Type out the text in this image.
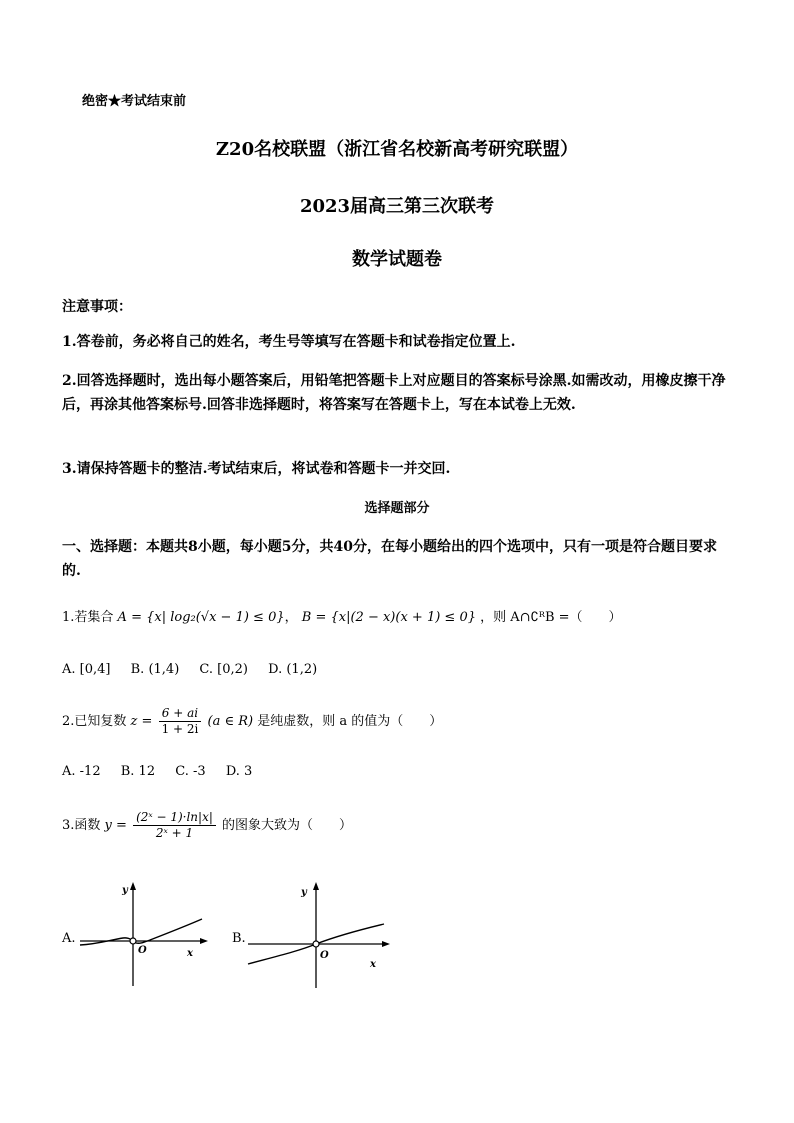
绝密★考试结束前
Z20名校联盟（浙江省名校新高考研究联盟）
2023届高三第三次联考
数学试题卷
注意事项：
1.答卷前，务必将自己的姓名，考生号等填写在答题卡和试卷指定位置上.
2.回答选择题时，选出每小题答案后，用铅笔把答题卡上对应题目的答案标号涂黑.如需改动，用橡皮擦干净后，再涂其他答案标号.回答非选择题时，将答案写在答题卡上，写在本试卷上无效.
3.请保持答题卡的整洁.考试结束后，将试卷和答题卡一并交回.
选择题部分
一、选择题：本题共8小题，每小题5分，共40分，在每小题给出的四个选项中，只有一项是符合题目要求的.
1.若集合 A = {x| log₂(√x − 1) ≤ 0}， B = {x|(2 − x)(x + 1) ≤ 0} ，则 A∩∁ᴿB =（　　）
A. [0,4] B. (1,4) C. [0,2) D. (1,2)
2.已知复数 $z = \frac{6 + ai}{1 + 2i} (a$ ∈ R) 是纯虚数，则 a 的值为（　　）
A. -12 B. 12 C. -3 D. 3
3.函数 $y = \frac{\text{(2ˣ − 1)·ln|x|}}{\text{2ˣ + 1}}$ 的图象大致为（　　）
A.
y
x
O
B.
y
x
O
